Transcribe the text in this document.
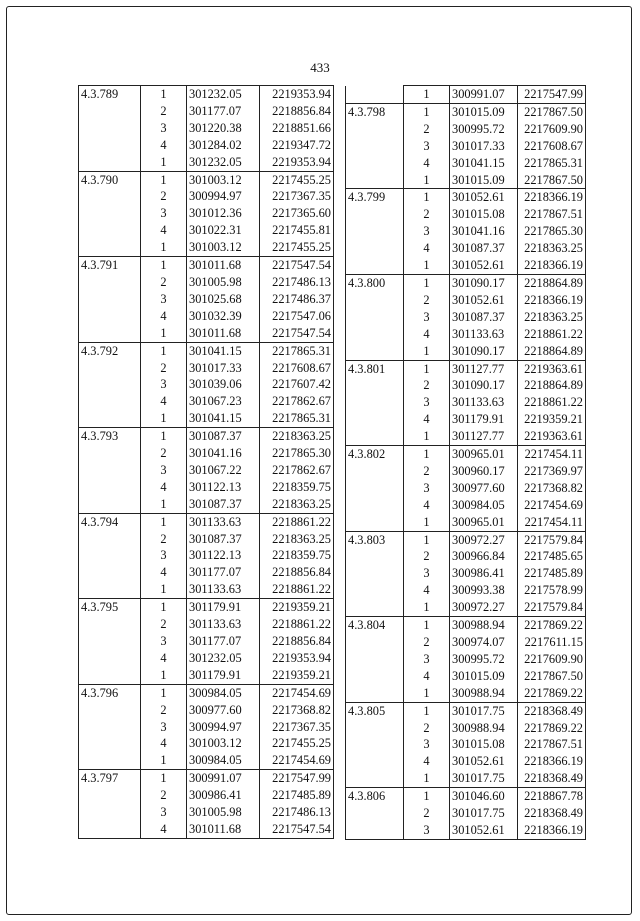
433
4.3.789	1	301232.05	2219353.94
	2	301177.07	2218856.84
	3	301220.38	2218851.66
	4	301284.02	2219347.72
	1	301232.05	2219353.94
4.3.790	1	301003.12	2217455.25
	2	300994.97	2217367.35
	3	301012.36	2217365.60
	4	301022.31	2217455.81
	1	301003.12	2217455.25
4.3.791	1	301011.68	2217547.54
	2	301005.98	2217486.13
	3	301025.68	2217486.37
	4	301032.39	2217547.06
	1	301011.68	2217547.54
4.3.792	1	301041.15	2217865.31
	2	301017.33	2217608.67
	3	301039.06	2217607.42
	4	301067.23	2217862.67
	1	301041.15	2217865.31
4.3.793	1	301087.37	2218363.25
	2	301041.16	2217865.30
	3	301067.22	2217862.67
	4	301122.13	2218359.75
	1	301087.37	2218363.25
4.3.794	1	301133.63	2218861.22
	2	301087.37	2218363.25
	3	301122.13	2218359.75
	4	301177.07	2218856.84
	1	301133.63	2218861.22
4.3.795	1	301179.91	2219359.21
	2	301133.63	2218861.22
	3	301177.07	2218856.84
	4	301232.05	2219353.94
	1	301179.91	2219359.21
4.3.796	1	300984.05	2217454.69
	2	300977.60	2217368.82
	3	300994.97	2217367.35
	4	301003.12	2217455.25
	1	300984.05	2217454.69
4.3.797	1	300991.07	2217547.99
	2	300986.41	2217485.89
	3	301005.98	2217486.13
	4	301011.68	2217547.54
	1	300991.07	2217547.99
4.3.798	1	301015.09	2217867.50
	2	300995.72	2217609.90
	3	301017.33	2217608.67
	4	301041.15	2217865.31
	1	301015.09	2217867.50
4.3.799	1	301052.61	2218366.19
	2	301015.08	2217867.51
	3	301041.16	2217865.30
	4	301087.37	2218363.25
	1	301052.61	2218366.19
4.3.800	1	301090.17	2218864.89
	2	301052.61	2218366.19
	3	301087.37	2218363.25
	4	301133.63	2218861.22
	1	301090.17	2218864.89
4.3.801	1	301127.77	2219363.61
	2	301090.17	2218864.89
	3	301133.63	2218861.22
	4	301179.91	2219359.21
	1	301127.77	2219363.61
4.3.802	1	300965.01	2217454.11
	2	300960.17	2217369.97
	3	300977.60	2217368.82
	4	300984.05	2217454.69
	1	300965.01	2217454.11
4.3.803	1	300972.27	2217579.84
	2	300966.84	2217485.65
	3	300986.41	2217485.89
	4	300993.38	2217578.99
	1	300972.27	2217579.84
4.3.804	1	300988.94	2217869.22
	2	300974.07	2217611.15
	3	300995.72	2217609.90
	4	301015.09	2217867.50
	1	300988.94	2217869.22
4.3.805	1	301017.75	2218368.49
	2	300988.94	2217869.22
	3	301015.08	2217867.51
	4	301052.61	2218366.19
	1	301017.75	2218368.49
4.3.806	1	301046.60	2218867.78
	2	301017.75	2218368.49
	3	301052.61	2218366.19
